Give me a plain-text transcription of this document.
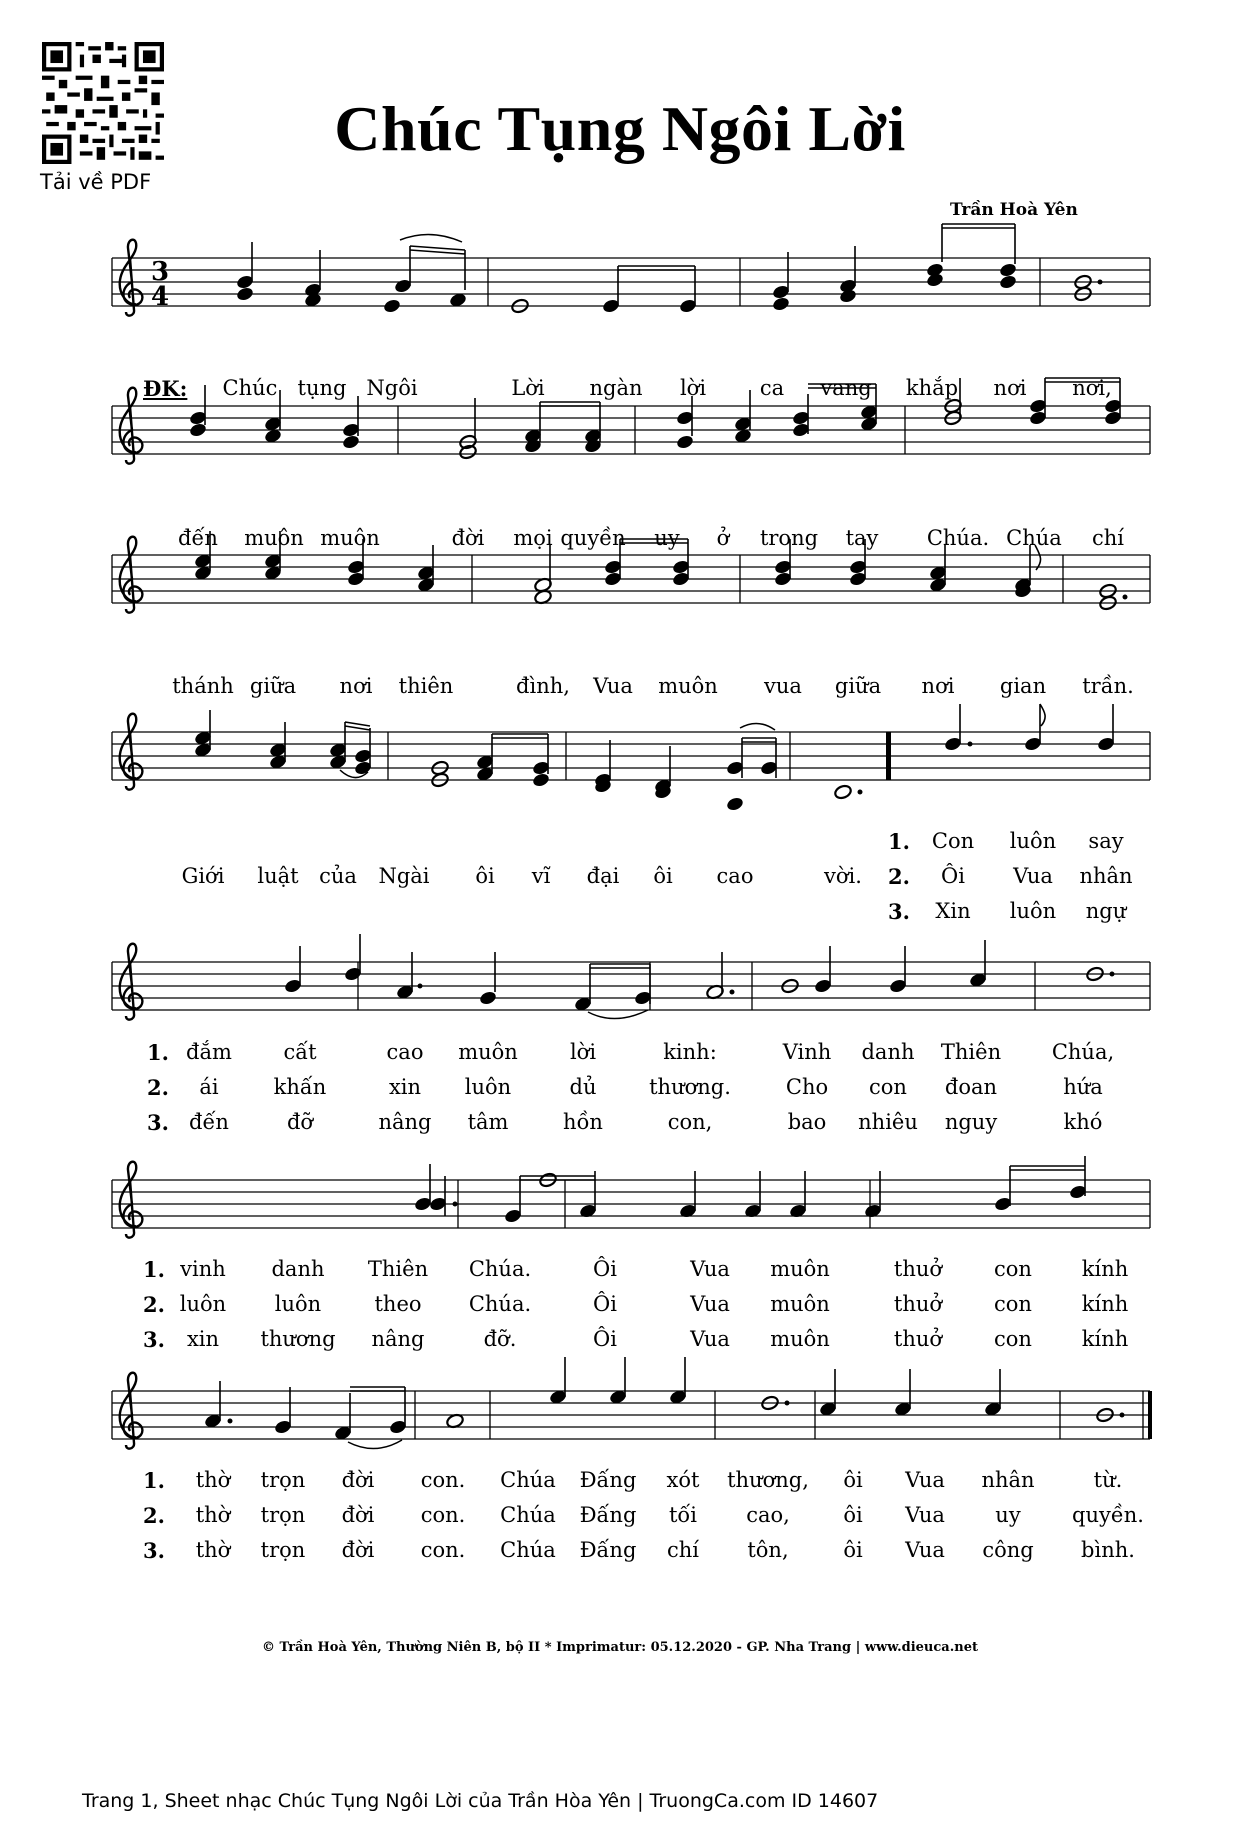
Tải về PDF
Chúc Tụng Ngôi Lời
Trần Hoà Yên
3
4
ĐK: Chúc tụng Ngôi	Lời ngàn lời	ca vang khắp nơi nơi,
đến muôn muôn	đời mọi quyền uy ở trong tay Chúa. Chúa chí
thánh giữa nơi thiên	đình, Vua muôn vua giữa nơi gian trần.
Giới luật của Ngài ôi vĩ đại ôi cao	vời.
1. Con luôn say
2. Ôi Vua nhân
3. Xin luôn ngự
1. đắm cất	cao muôn lời	kinh:	Vinh danh Thiên Chúa,
2. ái	khấn	xin luôn	dủ	thương.	Cho con đoan	hứa
3. đến	đỡ	nâng tâm	hồn	con,	bao nhiêu nguy	khó
1. vinh danh Thiên Chúa.	Ôi	Vua muôn	thuở con kính
2. luôn luôn	theo Chúa.	Ôi	Vua muôn	thuở con kính
3. xin thương nâng	đỡ.	Ôi	Vua muôn	thuở con kính
1. thờ trọn đời con. Chúa Đấng xót thương, ôi Vua nhân	từ.
2. thờ trọn đời con. Chúa Đấng tối cao,	ôi Vua uy quyền.
3. thờ trọn đời con. Chúa Đấng chí tôn,	ôi Vua công bình.
© Trần Hoà Yên, Thường Niên B, bộ II * Imprimatur: 05.12.2020 - GP. Nha Trang | www.dieuca.net
Trang 1, Sheet nhạc Chúc Tụng Ngôi Lời của Trần Hòa Yên | TruongCa.com ID 14607
